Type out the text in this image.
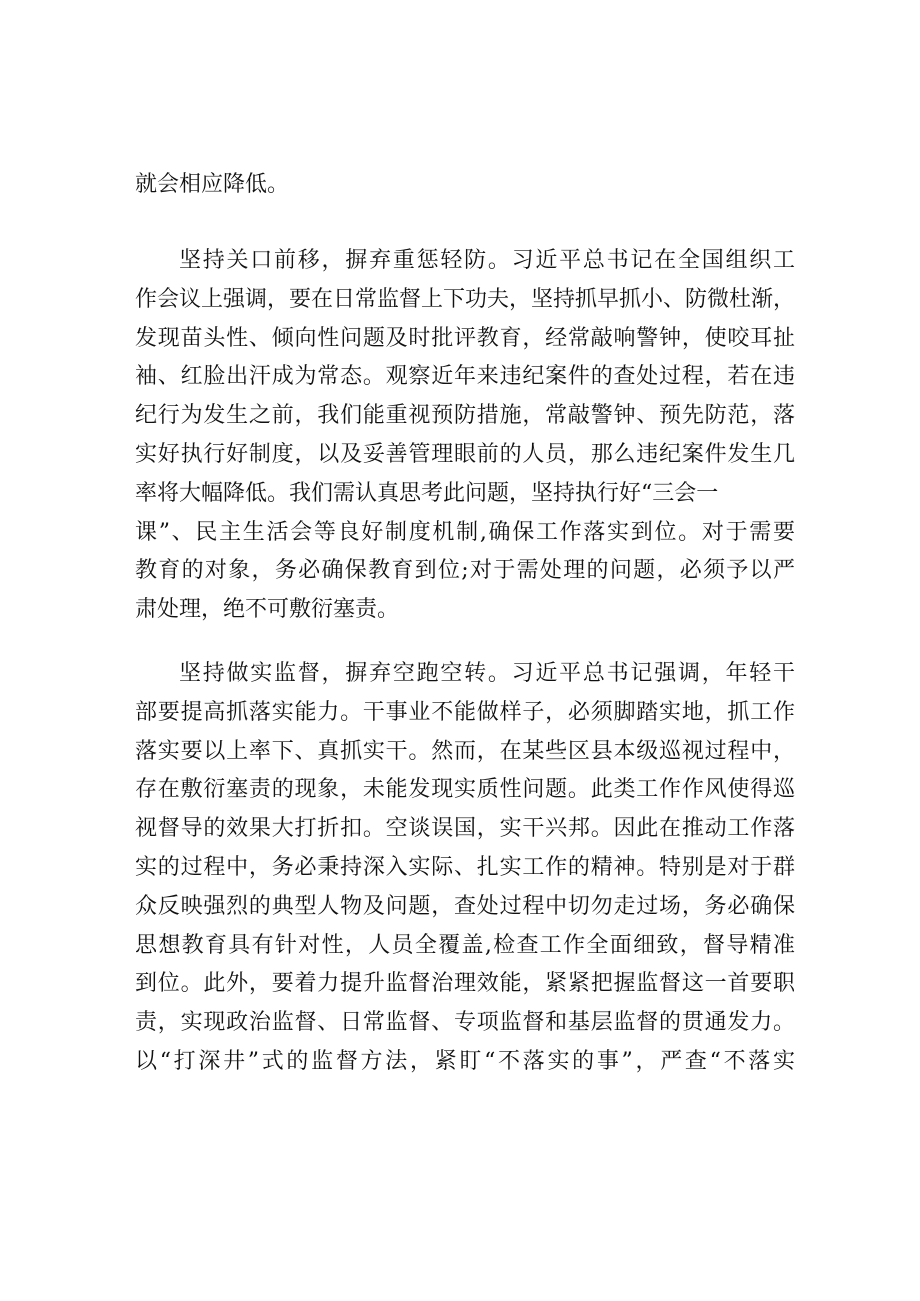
就会相应降低。
坚持关口前移，摒弃重惩轻防。习近平总书记在全国组织工
作会议上强调，要在日常监督上下功夫，坚持抓早抓小、防微杜渐，
发现苗头性、倾向性问题及时批评教育，经常敲响警钟，使咬耳扯
袖、红脸出汗成为常态。观察近年来违纪案件的查处过程，若在违
纪行为发生之前，我们能重视预防措施，常敲警钟、预先防范，落
实好执行好制度，以及妥善管理眼前的人员，那么违纪案件发生几
率将大幅降低。我们需认真思考此问题，坚持执行好“三会一
课”、民主生活会等良好制度机制,确保工作落实到位。对于需要
教育的对象，务必确保教育到位;对于需处理的问题，必须予以严
肃处理，绝不可敷衍塞责。
坚持做实监督，摒弃空跑空转。习近平总书记强调，年轻干
部要提高抓落实能力。干事业不能做样子，必须脚踏实地，抓工作
落实要以上率下、真抓实干。然而，在某些区县本级巡视过程中，
存在敷衍塞责的现象，未能发现实质性问题。此类工作作风使得巡
视督导的效果大打折扣。空谈误国，实干兴邦。因此在推动工作落
实的过程中，务必秉持深入实际、扎实工作的精神。特别是对于群
众反映强烈的典型人物及问题，查处过程中切勿走过场，务必确保
思想教育具有针对性，人员全覆盖,检查工作全面细致，督导精准
到位。此外，要着力提升监督治理效能，紧紧把握监督这一首要职
责，实现政治监督、日常监督、专项监督和基层监督的贯通发力。
以“打深井”式的监督方法，紧盯“不落实的事”，严查“不落实
